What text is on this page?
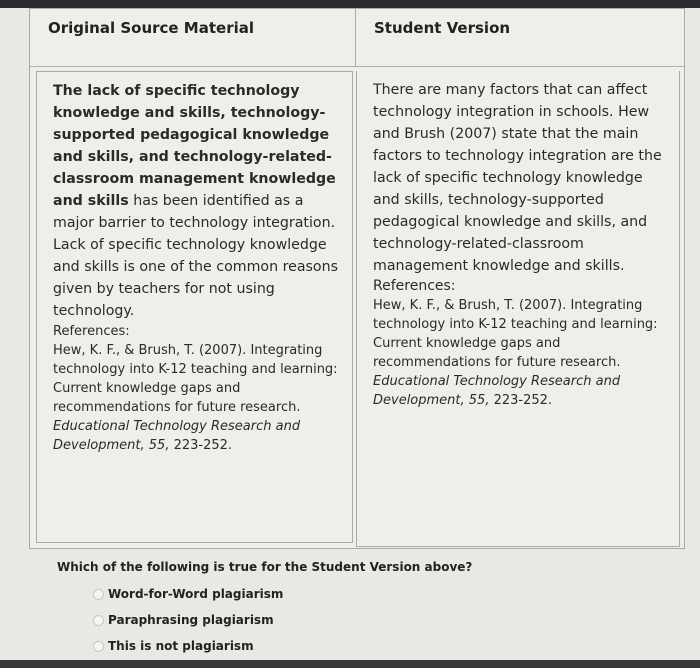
Original Source Material	Student Version
The lack of specific technology knowledge and skills, technology-supported pedagogical knowledge and skills, and technology-related-classroom management knowledge and skills has been identified as a major barrier to technology integration. Lack of specific technology knowledge and skills is one of the common reasons given by teachers for not using technology.
References:
Hew, K. F., & Brush, T. (2007). Integrating technology into K-12 teaching and learning: Current knowledge gaps and recommendations for future research. Educational Technology Research and Development, 55, 223-252.
There are many factors that can affect technology integration in schools. Hew and Brush (2007) state that the main factors to technology integration are the lack of specific technology knowledge and skills, technology-supported pedagogical knowledge and skills, and technology-related-classroom management knowledge and skills.
References:
Hew, K. F., & Brush, T. (2007). Integrating technology into K-12 teaching and learning: Current knowledge gaps and recommendations for future research. Educational Technology Research and Development, 55, 223-252.
Which of the following is true for the Student Version above?
Word-for-Word plagiarism
Paraphrasing plagiarism
This is not plagiarism
